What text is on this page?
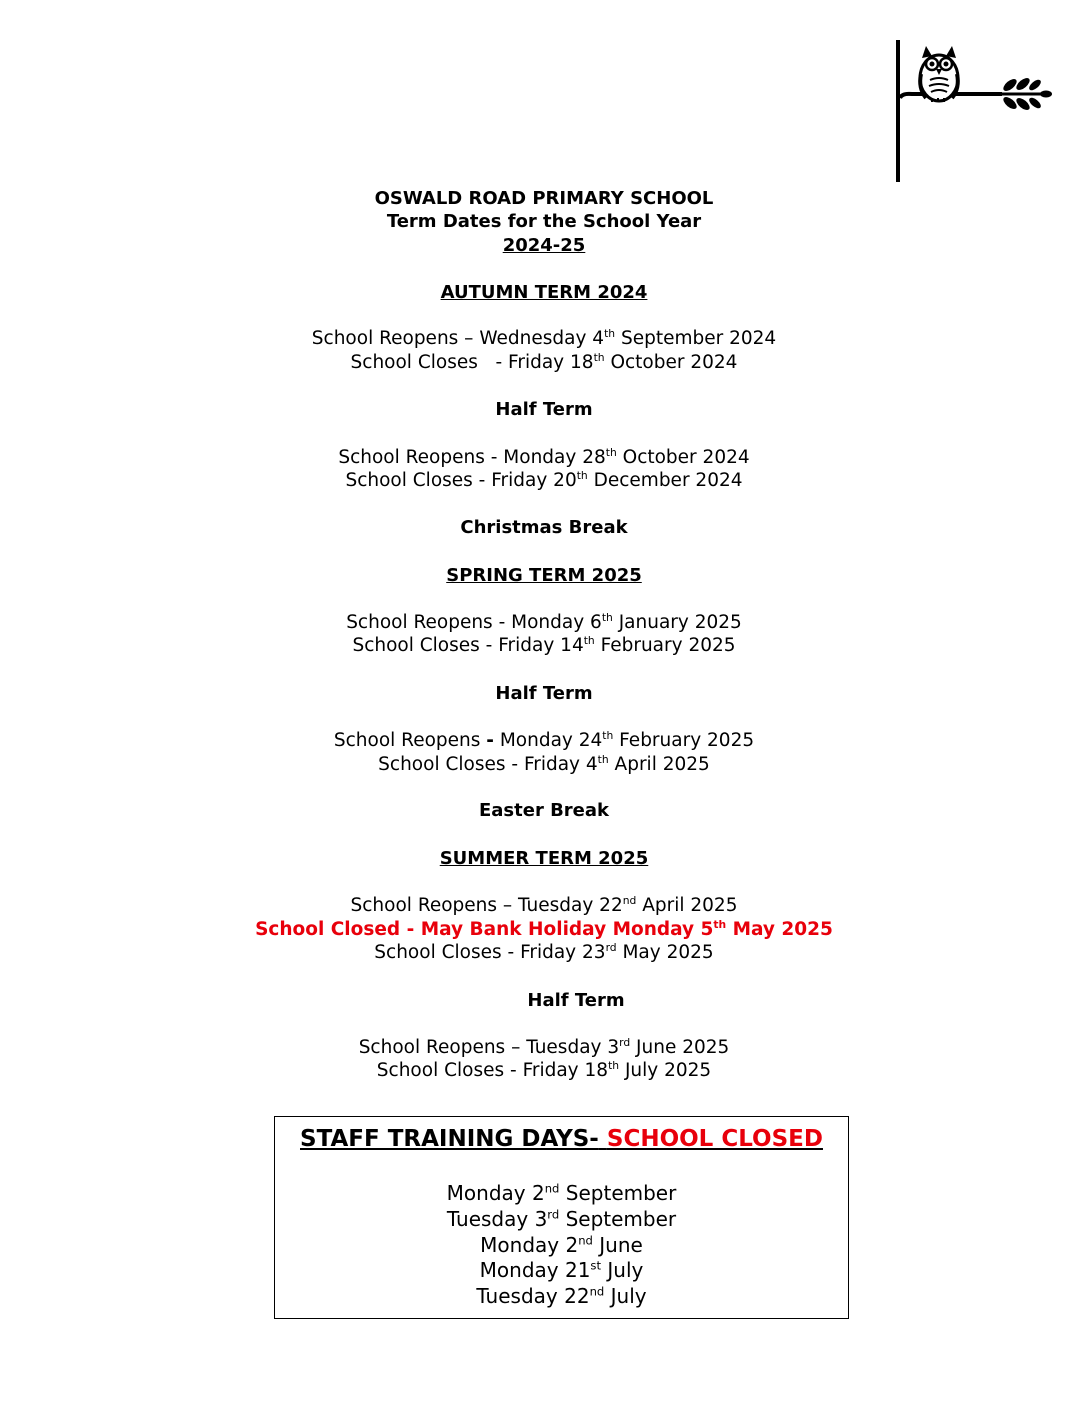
OSWALD ROAD PRIMARY SCHOOL
Term Dates for the School Year
2024-25
AUTUMN TERM 2024
School Reopens – Wednesday 4th September 2024
School Closes   - Friday 18th October 2024
Half Term
School Reopens - Monday 28th October 2024
School Closes - Friday 20th December 2024
Christmas Break
SPRING TERM 2025
School Reopens - Monday 6th January 2025
School Closes - Friday 14th February 2025
Half Term
School Reopens - Monday 24th February 2025
School Closes - Friday 4th April 2025
Easter Break
SUMMER TERM 2025
School Reopens – Tuesday 22nd April 2025
School Closed - May Bank Holiday Monday 5th May 2025
School Closes - Friday 23rd May 2025
Half Term
School Reopens – Tuesday 3rd June 2025
School Closes - Friday 18th July 2025
STAFF TRAINING DAYS- SCHOOL CLOSED
Monday 2nd September
Tuesday 3rd September
Monday 2nd June
Monday 21st July
Tuesday 22nd July
